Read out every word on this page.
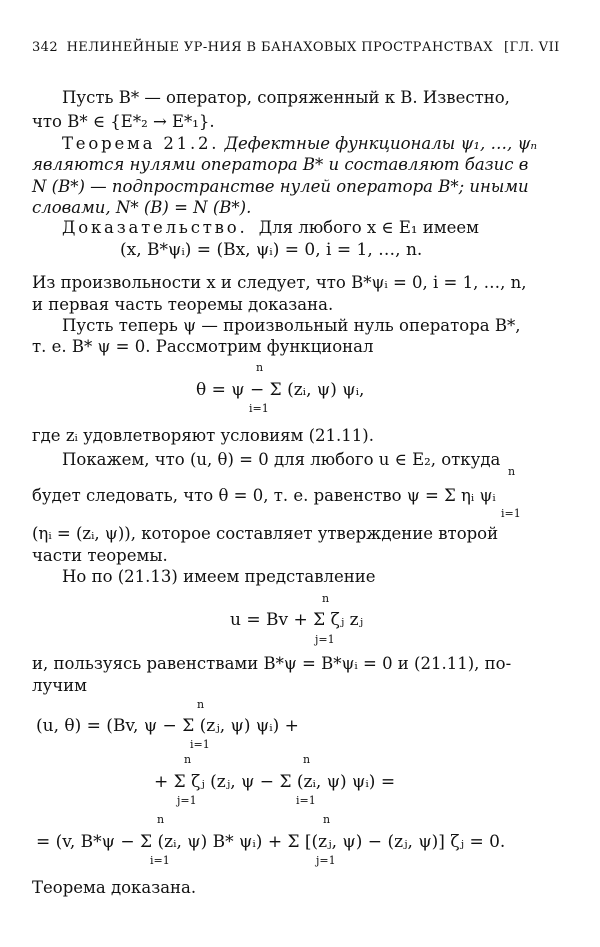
342 НЕЛИНЕЙНЫЕ УР-НИЯ В БАНАХОВЫХ ПРОСТРАНСТВАХ [ГЛ. VII
Пусть B* — оператор, сопряженный к B. Известно,
что B* ∈ {E*₂ → E*₁}.
Теорема 21.2. Дефектные функционалы ψ₁, …, ψₙ
являются нулями оператора B* и составляют базис в
N (B*) — подпространстве нулей оператора B*; иными
словами, N* (B) = N (B*).
Доказательство. Для любого x ∈ E₁ имеем
(x, B*ψᵢ) = (Bx, ψᵢ) = 0, i = 1, …, n.
Из произвольности x и следует, что B*ψᵢ = 0, i = 1, …, n,
и первая часть теоремы доказана.
Пусть теперь ψ — произвольный нуль оператора B*,
т. е. B* ψ = 0. Рассмотрим функционал
n
θ = ψ − Σ (zᵢ, ψ) ψᵢ,
i=1
где zᵢ удовлетворяют условиям (21.11).
Покажем, что (u, θ) = 0 для любого u ∈ E₂, откуда
n
будет следовать, что θ = 0, т. е. равенство ψ = Σ ηᵢ ψᵢ
i=1
(ηᵢ = (zᵢ, ψ)), которое составляет утверждение второй
части теоремы.
Но по (21.13) имеем представление
n
u = Bv + Σ ζⱼ zⱼ
j=1
и, пользуясь равенствами B*ψ = B*ψᵢ = 0 и (21.11), по-
лучим
n
(u, θ) = (Bv, ψ − Σ (zⱼ, ψ) ψᵢ) +
i=1
n	n
+ Σ ζⱼ (zⱼ, ψ − Σ (zᵢ, ψ) ψᵢ) =
j=1	i=1
n	n
= (v, B*ψ − Σ (zᵢ, ψ) B* ψᵢ) + Σ [(zⱼ, ψ) − (zⱼ, ψ)] ζⱼ = 0.
i=1	j=1
Теорема доказана.
